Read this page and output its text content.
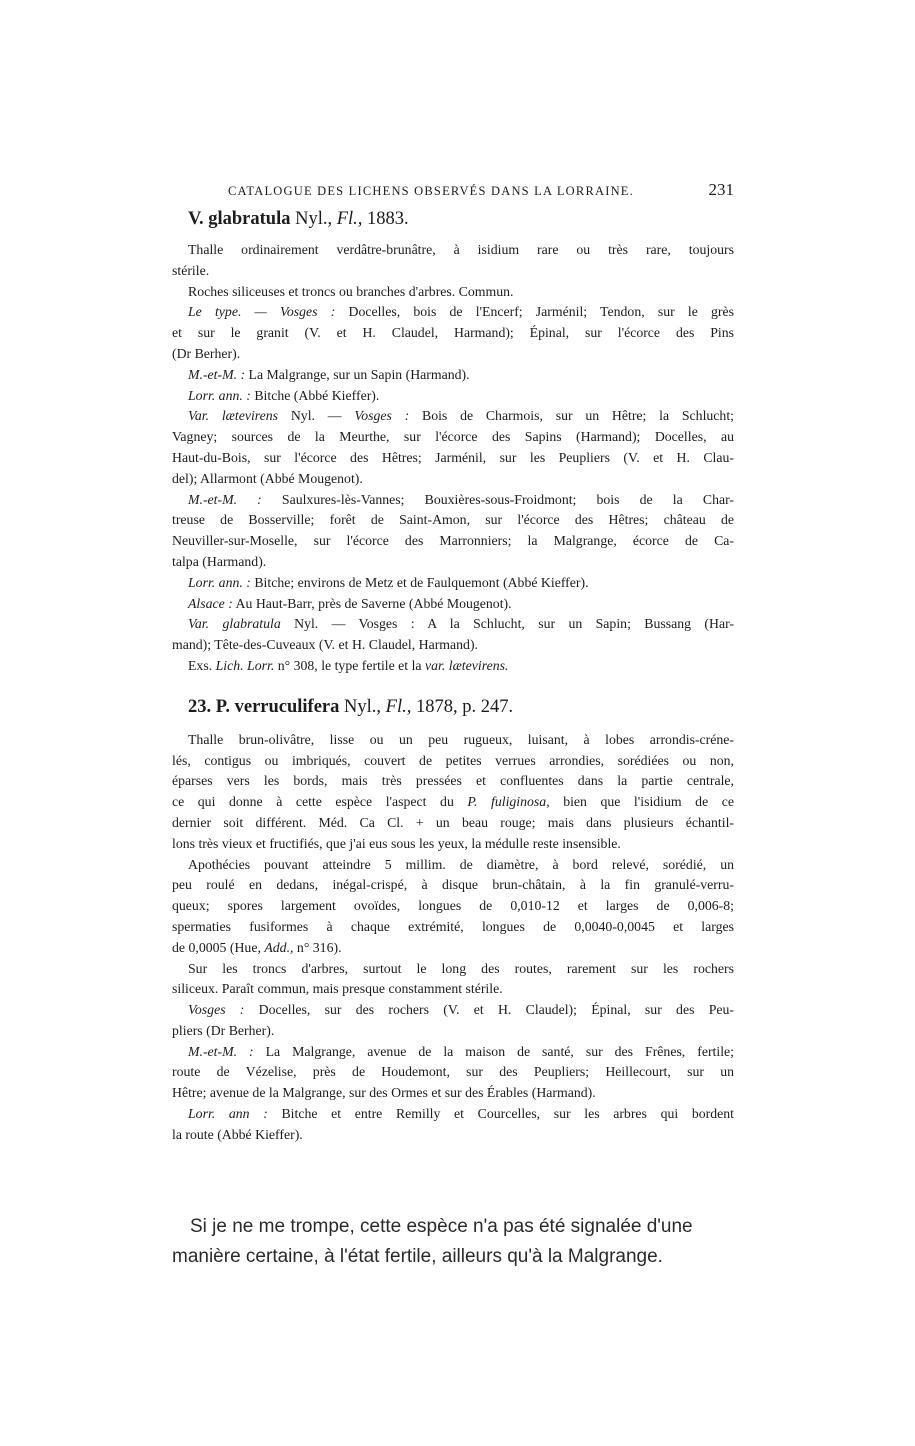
CATALOGUE DES LICHENS OBSERVÉS DANS LA LORRAINE.	231
V. glabratula Nyl., Fl., 1883.
Thalle ordinairement verdâtre-brunâtre, à isidium rare ou très rare, toujours
stérile.
Roches siliceuses et troncs ou branches d'arbres. Commun.
Le type. — Vosges : Docelles, bois de l'Encerf; Jarménil; Tendon, sur le grès
et sur le granit (V. et H. Claudel, Harmand); Épinal, sur l'écorce des Pins
(Dr Berher).
M.-et-M. : La Malgrange, sur un Sapin (Harmand).
Lorr. ann. : Bitche (Abbé Kieffer).
Var. lætevirens Nyl. — Vosges : Bois de Charmois, sur un Hêtre; la Schlucht;
Vagney; sources de la Meurthe, sur l'écorce des Sapins (Harmand); Docelles, au
Haut-du-Bois, sur l'écorce des Hêtres; Jarménil, sur les Peupliers (V. et H. Clau-
del); Allarmont (Abbé Mougenot).
M.-et-M. : Saulxures-lès-Vannes; Bouxières-sous-Froidmont; bois de la Char-
treuse de Bosserville; forêt de Saint-Amon, sur l'écorce des Hêtres; château de
Neuviller-sur-Moselle, sur l'écorce des Marronniers; la Malgrange, écorce de Ca-
talpa (Harmand).
Lorr. ann. : Bitche; environs de Metz et de Faulquemont (Abbé Kieffer).
Alsace : Au Haut-Barr, près de Saverne (Abbé Mougenot).
Var. glabratula Nyl. — Vosges : A la Schlucht, sur un Sapin; Bussang (Har-
mand); Tête-des-Cuveaux (V. et H. Claudel, Harmand).
Exs. Lich. Lorr. n° 308, le type fertile et la var. lætevirens.
23. P. verruculifera Nyl., Fl., 1878, p. 247.
Thalle brun-olivâtre, lisse ou un peu rugueux, luisant, à lobes arrondis-créne-
lés, contigus ou imbriqués, couvert de petites verrues arrondies, sorédiées ou non,
éparses vers les bords, mais très pressées et confluentes dans la partie centrale,
ce qui donne à cette espèce l'aspect du P. fuliginosa, bien que l'isidium de ce
dernier soit différent. Méd. Ca Cl. + un beau rouge; mais dans plusieurs échantil-
lons très vieux et fructifiés, que j'ai eus sous les yeux, la médulle reste insensible.
Apothécies pouvant atteindre 5 millim. de diamètre, à bord relevé, sorédié, un
peu roulé en dedans, inégal-crispé, à disque brun-châtain, à la fin granulé-verru-
queux; spores largement ovoïdes, longues de 0,010-12 et larges de 0,006-8;
spermaties fusiformes à chaque extrémité, longues de 0,0040-0,0045 et larges
de 0,0005 (Hue, Add., n° 316).
Sur les troncs d'arbres, surtout le long des routes, rarement sur les rochers
siliceux. Paraît commun, mais presque constamment stérile.
Vosges : Docelles, sur des rochers (V. et H. Claudel); Épinal, sur des Peu-
pliers (Dr Berher).
M.-et-M. : La Malgrange, avenue de la maison de santé, sur des Frênes, fertile;
route de Vézelise, près de Houdemont, sur des Peupliers; Heillecourt, sur un
Hêtre; avenue de la Malgrange, sur des Ormes et sur des Érables (Harmand).
Lorr. ann : Bitche et entre Remilly et Courcelles, sur les arbres qui bordent
la route (Abbé Kieffer).
Si je ne me trompe, cette espèce n'a pas été signalée d'une
manière certaine, à l'état fertile, ailleurs qu'à la Malgrange.
